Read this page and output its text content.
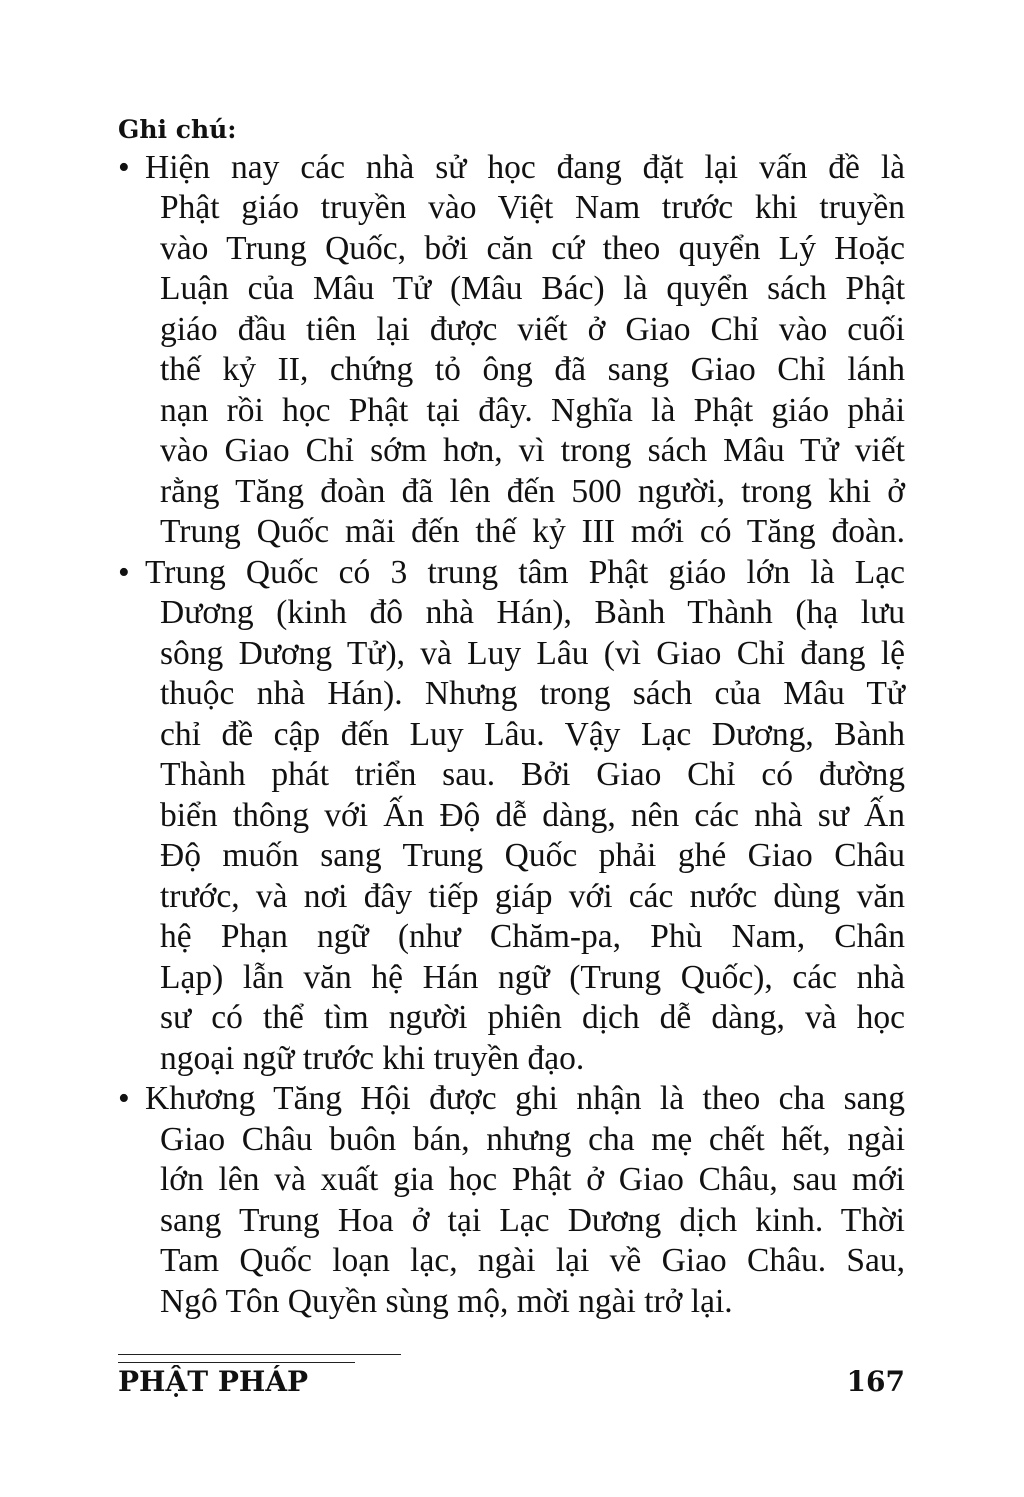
Ghi chú:
• Hiện nay các nhà sử học đang đặt lại vấn đề là
Phật giáo truyền vào Việt Nam trước khi truyền
vào Trung Quốc, bởi căn cứ theo quyển Lý Hoặc
Luận của Mâu Tử (Mâu Bác) là quyển sách Phật
giáo đầu tiên lại được viết ở Giao Chỉ vào cuối
thế kỷ II, chứng tỏ ông đã sang Giao Chỉ lánh
nạn rồi học Phật tại đây. Nghĩa là Phật giáo phải
vào Giao Chỉ sớm hơn, vì trong sách Mâu Tử viết
rằng Tăng đoàn đã lên đến 500 người, trong khi ở
Trung Quốc mãi đến thế kỷ III mới có Tăng đoàn.
• Trung Quốc có 3 trung tâm Phật giáo lớn là Lạc
Dương (kinh đô nhà Hán), Bành Thành (hạ lưu
sông Dương Tử), và Luy Lâu (vì Giao Chỉ đang lệ
thuộc nhà Hán). Nhưng trong sách của Mâu Tử
chỉ đề cập đến Luy Lâu. Vậy Lạc Dương, Bành
Thành phát triển sau. Bởi Giao Chỉ có đường
biển thông với Ấn Độ dễ dàng, nên các nhà sư Ấn
Độ muốn sang Trung Quốc phải ghé Giao Châu
trước, và nơi đây tiếp giáp với các nước dùng văn
hệ Phạn ngữ (như Chăm-pa, Phù Nam, Chân
Lạp) lẫn văn hệ Hán ngữ (Trung Quốc), các nhà
sư có thể tìm người phiên dịch dễ dàng, và học
ngoại ngữ trước khi truyền đạo.
• Khương Tăng Hội được ghi nhận là theo cha sang
Giao Châu buôn bán, nhưng cha mẹ chết hết, ngài
lớn lên và xuất gia học Phật ở Giao Châu, sau mới
sang Trung Hoa ở tại Lạc Dương dịch kinh. Thời
Tam Quốc loạn lạc, ngài lại về Giao Châu. Sau,
Ngô Tôn Quyền sùng mộ, mời ngài trở lại.
PHẬT PHÁP	167
